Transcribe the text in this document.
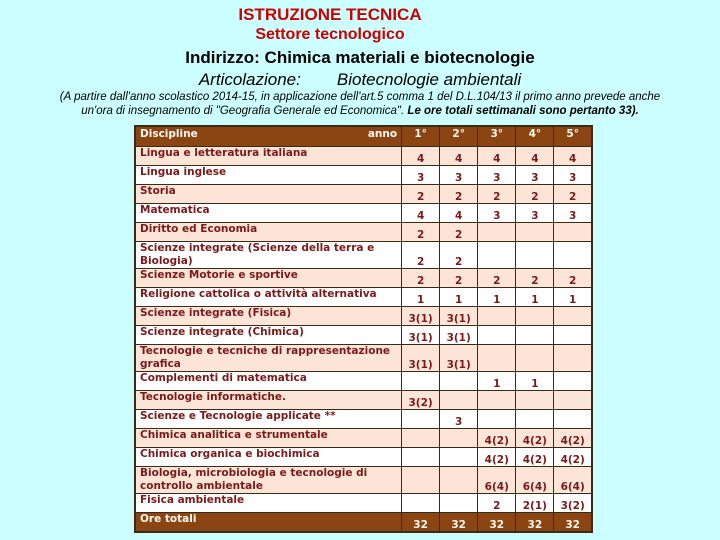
ISTRUZIONE TECNICA
Settore tecnologico
Indirizzo: Chimica materiali e biotecnologie
Articolazione: Biotecnologie ambientali
(A partire dall'anno scolastico 2014-15, in applicazione dell'art.5 comma 1 del D.L.104/13 il primo anno prevede anche
un'ora di insegnamento di "Geografia Generale ed Economica". Le ore totali settimanali sono pertanto 33).
Discipline	anno	1°	2°	3°	4°	5°
Lingua e letteratura italiana		4	4	4	4	4
Lingua inglese		3	3	3	3	3
Storia		2	2	2	2	2
Matematica		4	4	3	3	3
Diritto ed Economia		2	2			
Scienze integrate (Scienze della terra e Biologia)		2	2			
Scienze Motorie e sportive		2	2	2	2	2
Religione cattolica o attività alternativa		1	1	1	1	1
Scienze integrate (Fisica)		3(1)	3(1)			
Scienze integrate (Chimica)		3(1)	3(1)			
Tecnologie e tecniche di rappresentazione grafica		3(1)	3(1)			
Complementi di matematica				1	1	
Tecnologie informatiche.		3(2)				
Scienze e Tecnologie applicate **			3			
Chimica analitica e strumentale				4(2)	4(2)	4(2)
Chimica organica e biochimica				4(2)	4(2)	4(2)
Biologia, microbiologia e tecnologie di controllo ambientale				6(4)	6(4)	6(4)
Fisica ambientale				2	2(1)	3(2)
Ore totali		32	32	32	32	32
